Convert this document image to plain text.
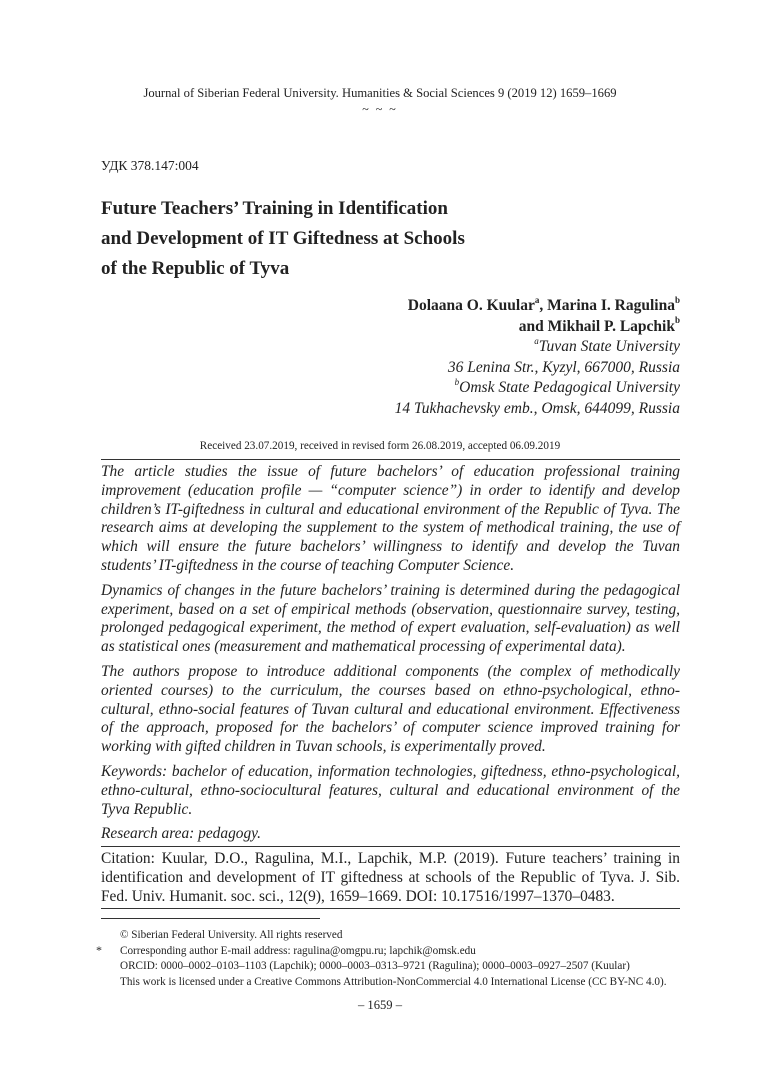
Journal of Siberian Federal University. Humanities & Social Sciences 9 (2019 12) 1659–1669
~ ~ ~
УДК 378.147:004
Future Teachers’ Training in Identification
and Development of IT Giftedness at Schools
of the Republic of Tyva
Dolaana O. Kuular$^a$, Marina I. Ragulina$^b$
and Mikhail P. Lapchik$^b$
$^a$Tuvan State University
36 Lenina Str., Kyzyl, 667000, Russia
$^b$Omsk State Pedagogical University
14 Tukhachevsky emb., Omsk, 644099, Russia
Received 23.07.2019, received in revised form 26.08.2019, accepted 06.09.2019

The article studies the issue of future bachelors’ of education professional training improvement (education profile — “computer science”) in order to identify and develop children’s IT-giftedness in cultural and educational environment of the Republic of Tyva. The research aims at developing the supplement to the system of methodical training, the use of which will ensure the future bachelors’ willingness to identify and develop the Tuvan students’ IT-giftedness in the course of teaching Computer Science.

Dynamics of changes in the future bachelors’ training is determined during the pedagogical experiment, based on a set of empirical methods (observation, questionnaire survey, testing, prolonged pedagogical experiment, the method of expert evaluation, self-evaluation) as well as statistical ones (measurement and mathematical processing of experimental data).

The authors propose to introduce additional components (the complex of methodically oriented courses) to the curriculum, the courses based on ethno-psychological, ethno-cultural, ethno-social features of Tuvan cultural and educational environment. Effectiveness of the approach, proposed for the bachelors’ of computer science improved training for working with gifted children in Tuvan schools, is experimentally proved.

Keywords: bachelor of education, information technologies, giftedness, ethno-psychological, ethno-cultural, ethno-sociocultural features, cultural and educational environment of the Tyva Republic.

Research area: pedagogy.

Citation: Kuular, D.O., Ragulina, M.I., Lapchik, M.P. (2019). Future teachers’ training in identification and development of IT giftedness at schools of the Republic of Tyva. J. Sib. Fed. Univ. Humanit. soc. sci., 12(9), 1659–1669. DOI: 10.17516/1997–1370–0483.
*
© Siberian Federal University. All rights reserved
Corresponding author E-mail address: ragulina@omgpu.ru; lapchik@omsk.edu
ORCID: 0000–0002–0103–1103 (Lapchik); 0000–0003–0313–9721 (Ragulina); 0000–0003–0927–2507 (Kuular)
This work is licensed under a Creative Commons Attribution-NonCommercial 4.0 International License (CC BY-NC 4.0).
– 1659 –
